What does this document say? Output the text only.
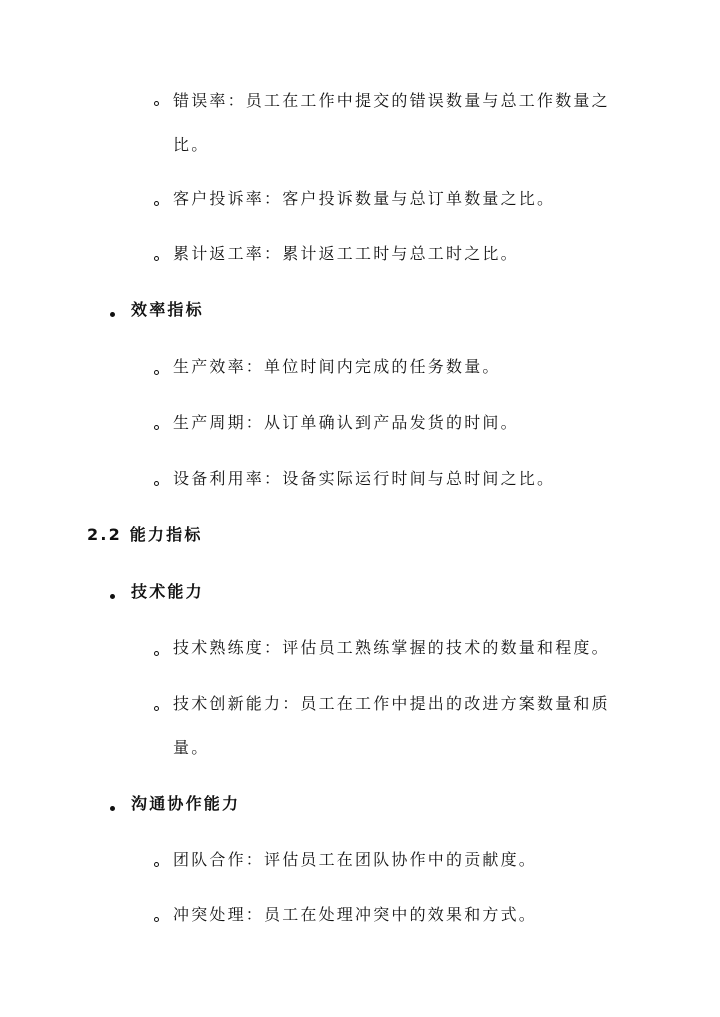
错误率：员工在工作中提交的错误数量与总工作数量之
比。
客户投诉率：客户投诉数量与总订单数量之比。
累计返工率：累计返工工时与总工时之比。
效率指标
生产效率：单位时间内完成的任务数量。
生产周期：从订单确认到产品发货的时间。
设备利用率：设备实际运行时间与总时间之比。
2.2 能力指标
技术能力
技术熟练度：评估员工熟练掌握的技术的数量和程度。
技术创新能力：员工在工作中提出的改进方案数量和质
量。
沟通协作能力
团队合作：评估员工在团队协作中的贡献度。
冲突处理：员工在处理冲突中的效果和方式。
